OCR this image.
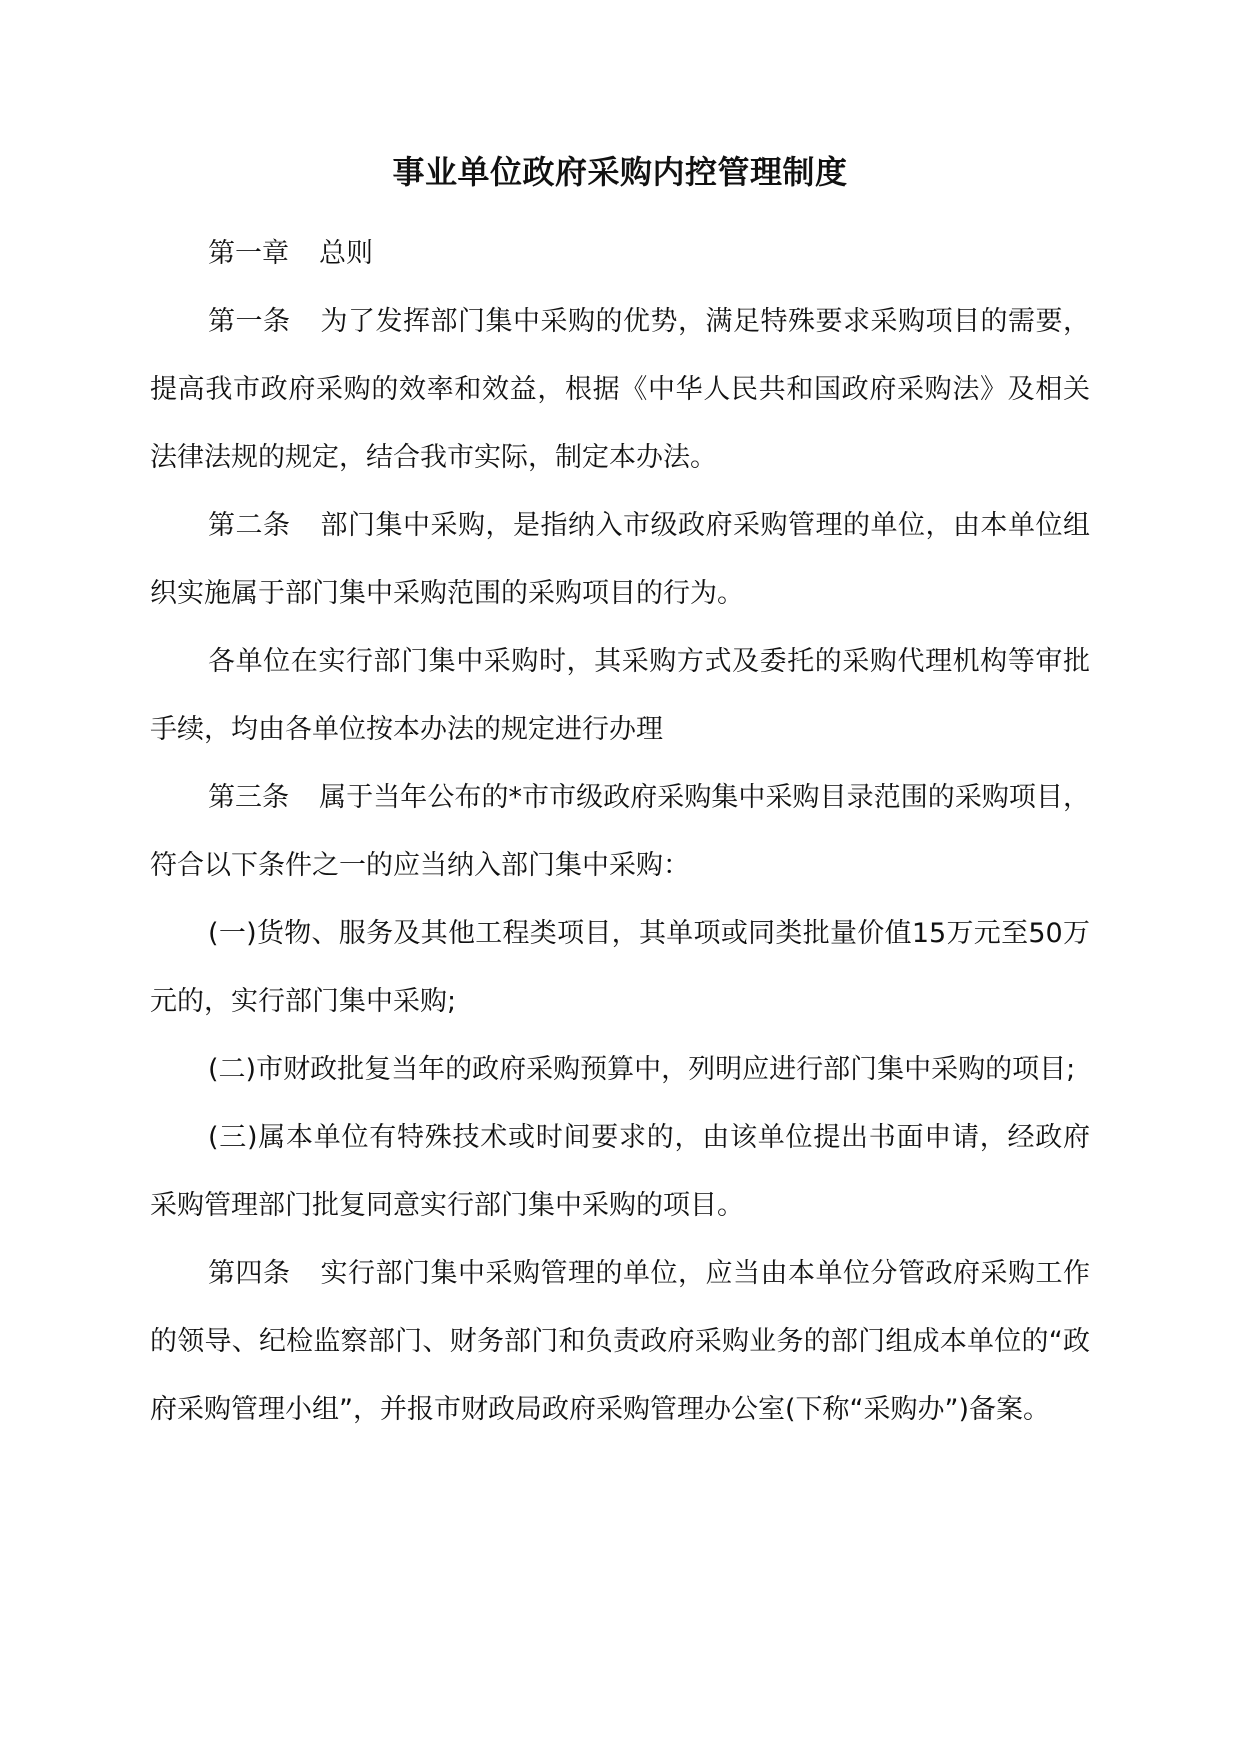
事业单位政府采购内控管理制度

第一章 总则

第一条 为了发挥部门集中采购的优势，满足特殊要求采购项目的需要，提高我市政府采购的效率和效益，根据《中华人民共和国政府采购法》及相关法律法规的规定，结合我市实际，制定本办法。

第二条 部门集中采购，是指纳入市级政府采购管理的单位，由本单位组织实施属于部门集中采购范围的采购项目的行为。

各单位在实行部门集中采购时，其采购方式及委托的采购代理机构等审批手续，均由各单位按本办法的规定进行办理

第三条 属于当年公布的*市市级政府采购集中采购目录范围的采购项目，符合以下条件之一的应当纳入部门集中采购：

(一)货物、服务及其他工程类项目，其单项或同类批量价值15万元至50万元的，实行部门集中采购;

(二)市财政批复当年的政府采购预算中，列明应进行部门集中采购的项目;

(三)属本单位有特殊技术或时间要求的，由该单位提出书面申请，经政府采购管理部门批复同意实行部门集中采购的项目。

第四条 实行部门集中采购管理的单位，应当由本单位分管政府采购工作的领导、纪检监察部门、财务部门和负责政府采购业务的部门组成本单位的“政府采购管理小组”，并报市财政局政府采购管理办公室(下称“采购办”)备案。
